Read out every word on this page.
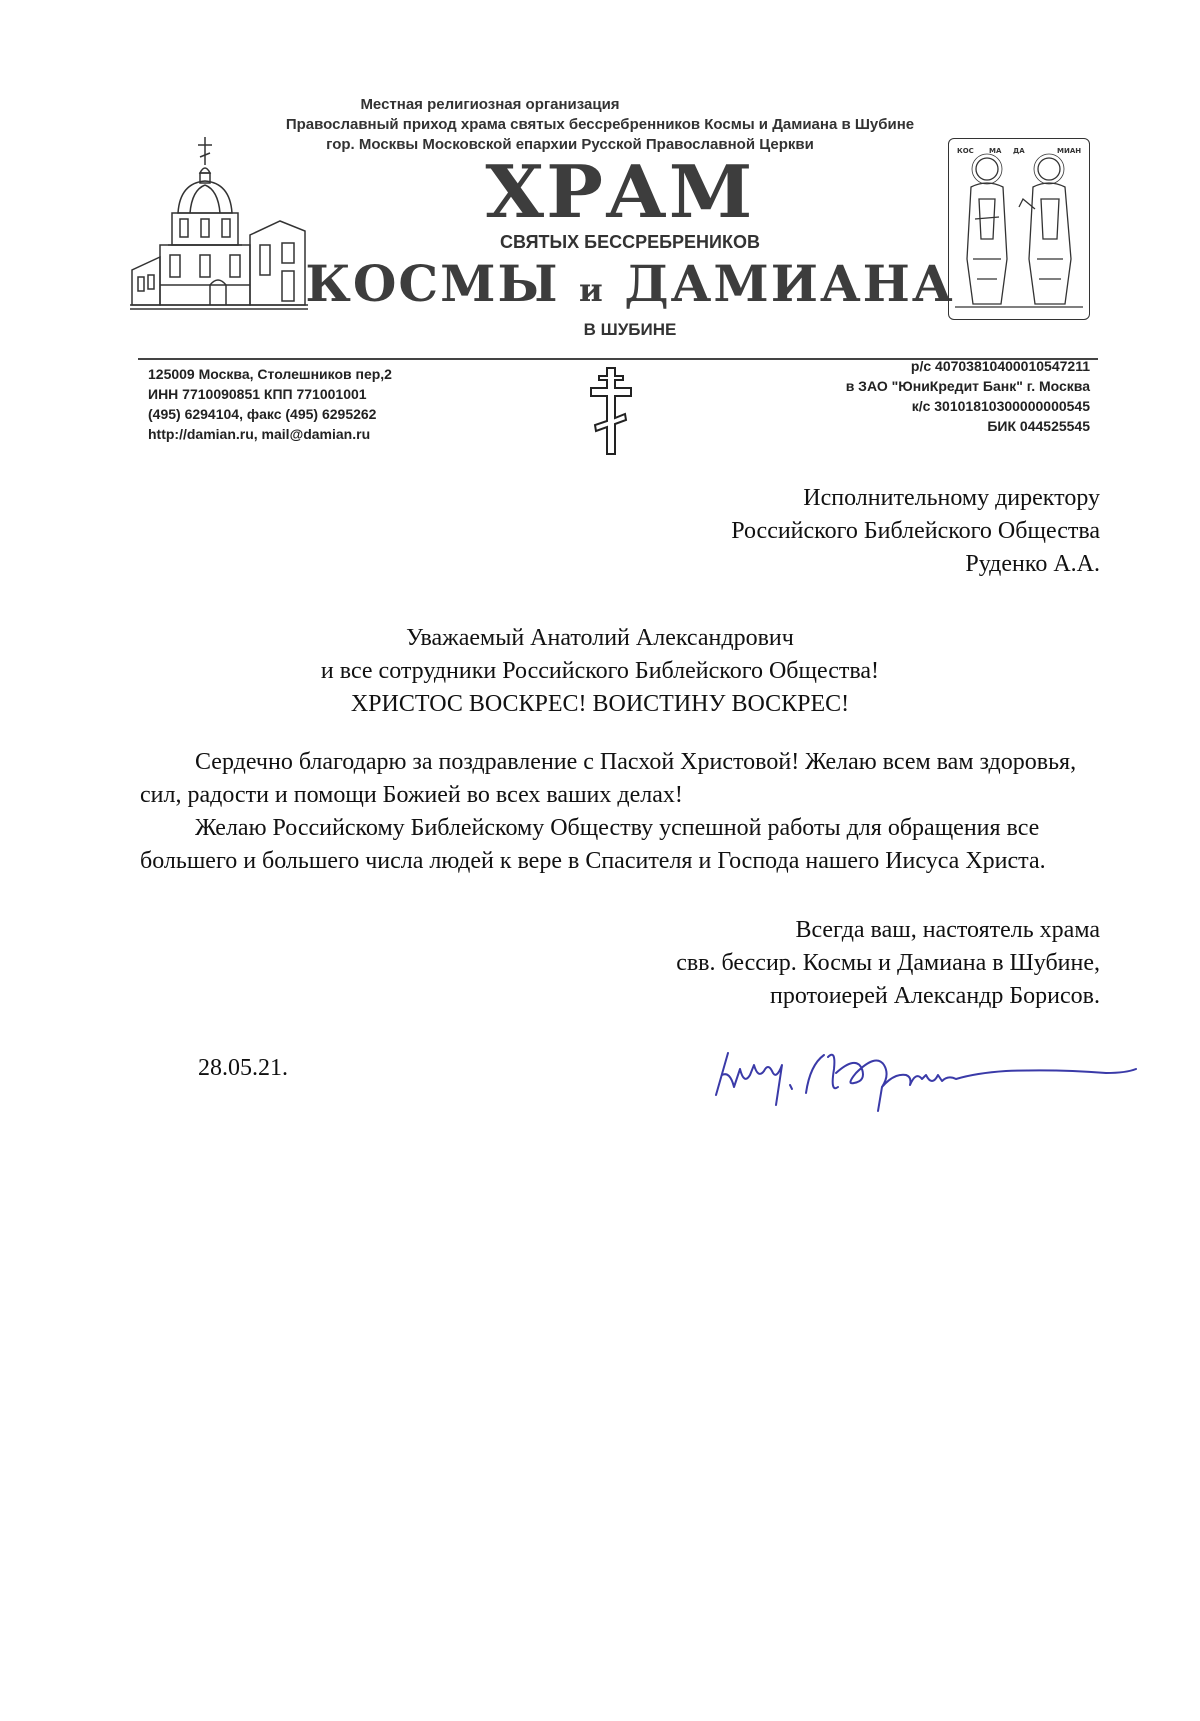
Местная религиозная организация
Православный приход храма святых бессребренников Космы и Дамиана в Шубине
гор. Москвы Московской епархии Русской Православной Церкви
ХРАМ
СВЯТЫХ БЕССРЕБРЕНИКОВ
КОСМЫ и ДАМИАНА
В ШУБИНЕ
КОС МА ДА	МИАН
125009 Москва, Столешников пер,2
ИНН 7710090851 КПП 771001001
(495) 6294104, факс (495) 6295262
http://damian.ru, mail@damian.ru
р/с 40703810400010547211
в ЗАО "ЮниКредит Банк" г. Москва
к/с 30101810300000000545
БИК 044525545
Исполнительному директору
Российского Библейского Общества
Руденко А.А.
Уважаемый Анатолий Александрович
и все сотрудники Российского Библейского Общества!
ХРИСТОС ВОСКРЕС! ВОИСТИНУ ВОСКРЕС!
Сердечно благодарю за поздравление с Пасхой Христовой! Желаю всем вам здоровья, сил, радости и помощи Божией во всех ваших делах!
Желаю Российскому Библейскому Обществу успешной работы для обращения все большего и большего числа людей к вере в Спасителя и Господа нашего Иисуса Христа.
Всегда ваш, настоятель храма
свв. бессир. Космы и Дамиана в Шубине,
протоиерей Александр Борисов.
28.05.21.
